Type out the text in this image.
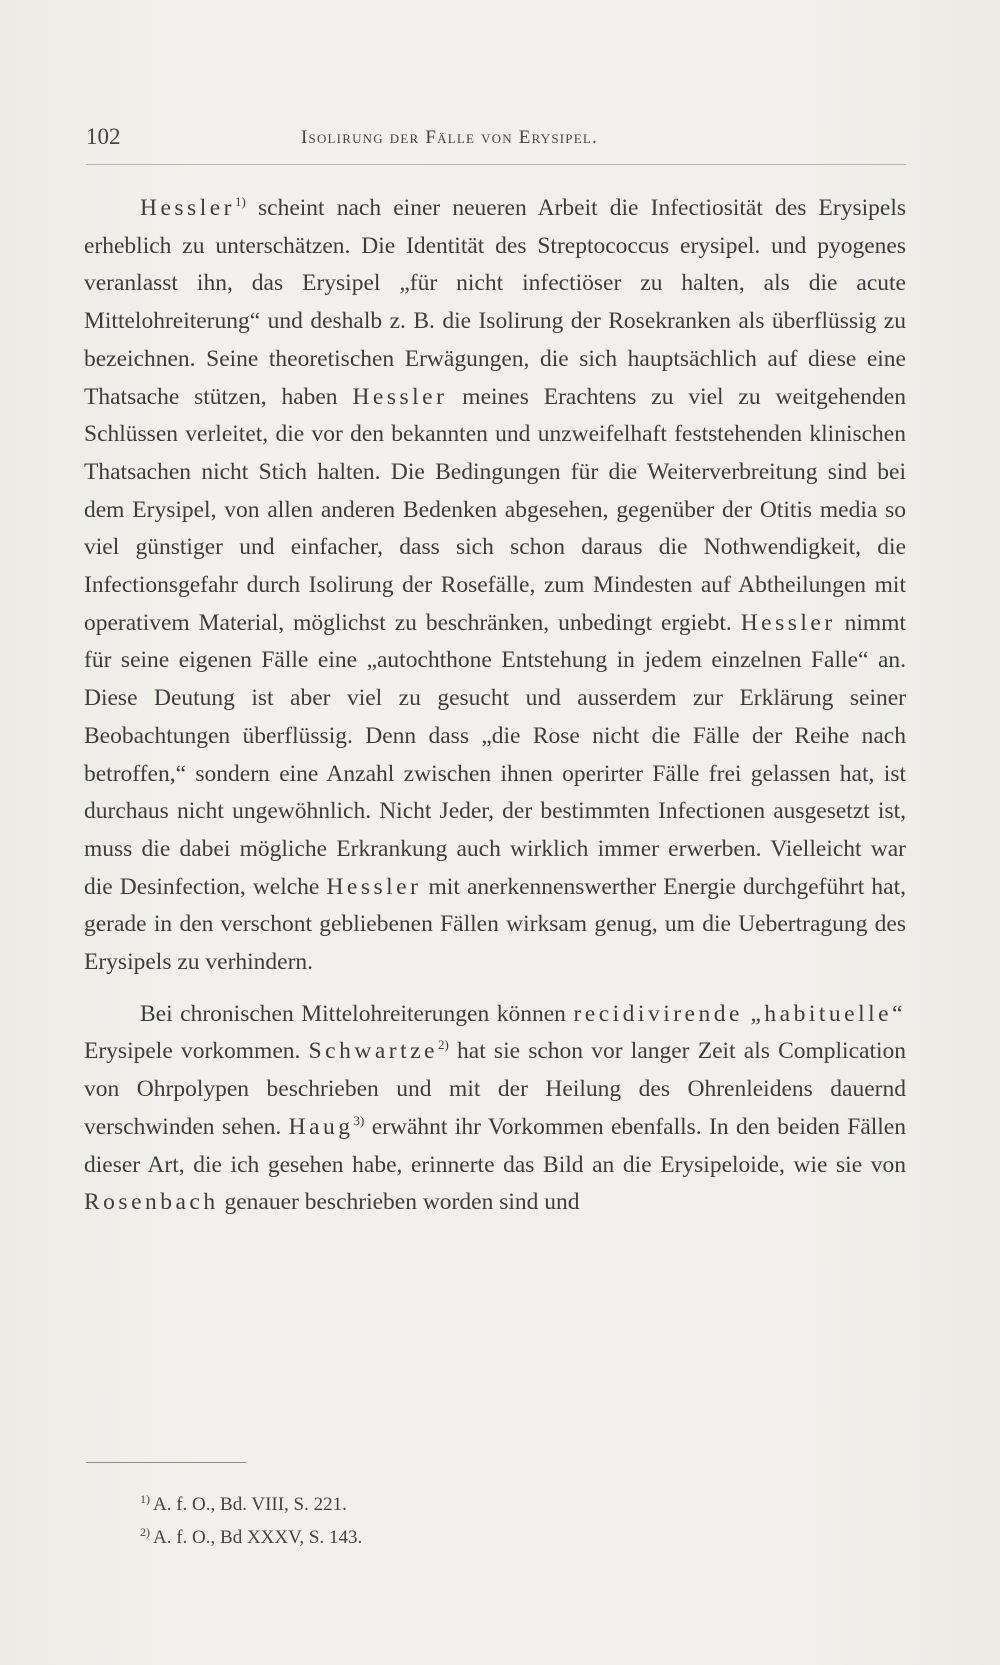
102	Isolirung der Fälle von Erysipel.

Hessler$^{1)}$ scheint nach einer neueren Arbeit die Infectiosität des Erysipels erheblich zu unterschätzen. Die Identität des Streptococcus erysipel. und pyogenes veranlasst ihn, das Erysipel „für nicht infectiöser zu halten, als die acute Mittelohreiterung“ und deshalb z. B. die Isolirung der Rosekranken als überflüssig zu bezeichnen. Seine theoretischen Erwägungen, die sich hauptsächlich auf diese eine Thatsache stützen, haben Hessler meines Erachtens zu viel zu weitgehenden Schlüssen verleitet, die vor den bekannten und unzweifelhaft feststehenden klinischen Thatsachen nicht Stich halten. Die Bedingungen für die Weiterverbreitung sind bei dem Erysipel, von allen anderen Bedenken abgesehen, gegenüber der Otitis media so viel günstiger und einfacher, dass sich schon daraus die Nothwendigkeit, die Infectionsgefahr durch Isolirung der Rosefälle, zum Mindesten auf Abtheilungen mit operativem Material, möglichst zu beschränken, unbedingt ergiebt. Hessler nimmt für seine eigenen Fälle eine „autochthone Entstehung in jedem einzelnen Falle“ an. Diese Deutung ist aber viel zu gesucht und ausserdem zur Erklärung seiner Beobachtungen überflüssig. Denn dass „die Rose nicht die Fälle der Reihe nach betroffen,“ sondern eine Anzahl zwischen ihnen operirter Fälle frei gelassen hat, ist durchaus nicht ungewöhnlich. Nicht Jeder, der bestimmten Infectionen ausgesetzt ist, muss die dabei mögliche Erkrankung auch wirklich immer erwerben. Vielleicht war die Desinfection, welche Hessler mit anerkennenswerther Energie durchgeführt hat, gerade in den verschont gebliebenen Fällen wirksam genug, um die Uebertragung des Erysipels zu verhindern.

Bei chronischen Mittelohreiterungen können recidivirende „habituelle“ Erysipele vorkommen. Schwartze$^{2)}$ hat sie schon vor langer Zeit als Complication von Ohrpolypen beschrieben und mit der Heilung des Ohrenleidens dauernd verschwinden sehen. Haug$^{3)}$ erwähnt ihr Vorkommen ebenfalls. In den beiden Fällen dieser Art, die ich gesehen habe, erinnerte das Bild an die Erysipeloide, wie sie von Rosenbach genauer beschrieben worden sind und

$^{1)}$ A. f. O., Bd. VIII, S. 221.
$^{2)}$ A. f. O., Bd XXXV, S. 143.
